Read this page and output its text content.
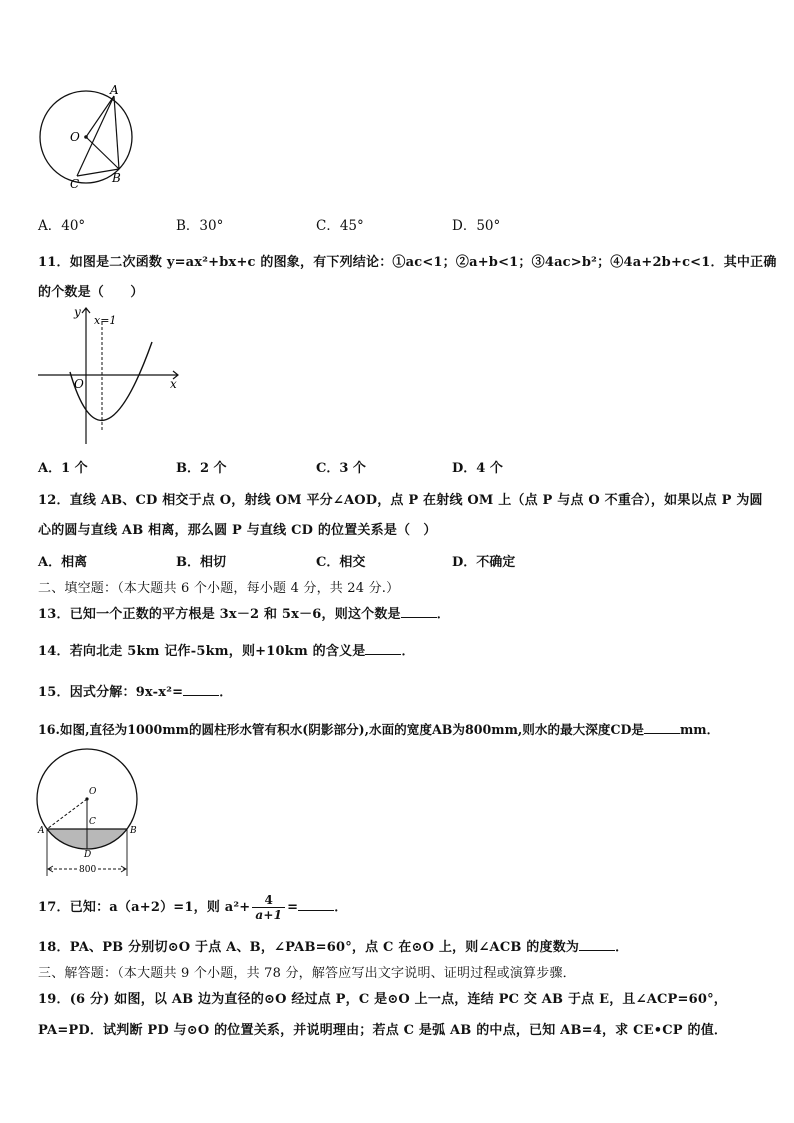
A
O
C	B
A．40°	B．30°	C．45°	D．50°
11．如图是二次函数 y=ax²+bx+c 的图象，有下列结论：①ac<1；②a+b<1；③4ac>b²；④4a+2b+c<1．其中正确
的个数是（　　）
y
x=1
O	x
A．1 个	B．2 个	C．3 个	D．4 个
12．直线 AB、CD 相交于点 O，射线 OM 平分∠AOD，点 P 在射线 OM 上（点 P 与点 O 不重合），如果以点 P 为圆
心的圆与直线 AB 相离，那么圆 P 与直线 CD 的位置关系是（　）
A．相离	B．相切	C．相交	D．不确定
二、填空题：（本大题共 6 个小题，每小题 4 分，共 24 分.）
13．已知一个正数的平方根是 3x－2 和 5x－6，则这个数是	．
14．若向北走 5km 记作-5km，则+10km 的含义是	．
15．因式分解：9x-x²=	．
16.如图,直径为1000mm的圆柱形水管有积水(阴影部分),水面的宽度AB为800mm,则水的最大深度CD是	mm．
O
A	B
C
D
800
17．已知：a（a+2）=1，则 $a^2+ \frac{4}{a+1}$ =	．
18．PA、PB 分别切⊙O 于点 A、B，∠PAB=60°，点 C 在⊙O 上，则∠ACB 的度数为	．
三、解答题：（本大题共 9 个小题，共 78 分，解答应写出文字说明、证明过程或演算步骤．
19．(6 分) 如图，以 AB 边为直径的⊙O 经过点 P，C 是⊙O 上一点，连结 PC 交 AB 于点 E，且∠ACP=60°，
PA=PD．试判断 PD 与⊙O 的位置关系，并说明理由；若点 C 是弧 AB 的中点，已知 AB=4，求 CE•CP 的值．
